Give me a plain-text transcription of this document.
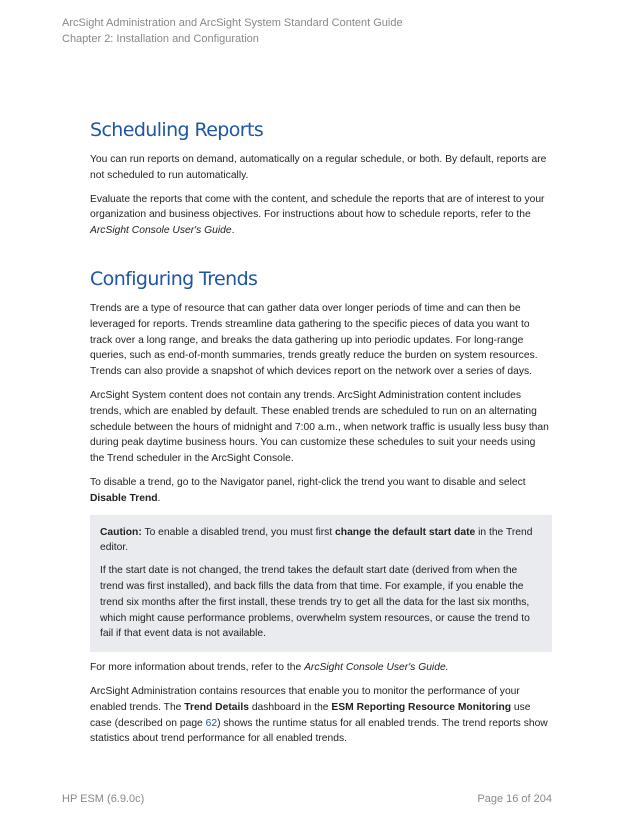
ArcSight Administration and ArcSight System Standard Content Guide
Chapter 2: Installation and Configuration
Scheduling Reports

You can run reports on demand, automatically on a regular schedule, or both. By default, reports are not scheduled to run automatically.

Evaluate the reports that come with the content, and schedule the reports that are of interest to your organization and business objectives. For instructions about how to schedule reports, refer to the ArcSight Console User's Guide.

Configuring Trends

Trends are a type of resource that can gather data over longer periods of time and can then be leveraged for reports. Trends streamline data gathering to the specific pieces of data you want to track over a long range, and breaks the data gathering up into periodic updates. For long-range queries, such as end-of-month summaries, trends greatly reduce the burden on system resources. Trends can also provide a snapshot of which devices report on the network over a series of days.

ArcSight System content does not contain any trends. ArcSight Administration content includes trends, which are enabled by default. These enabled trends are scheduled to run on an alternating schedule between the hours of midnight and 7:00 a.m., when network traffic is usually less busy than during peak daytime business hours. You can customize these schedules to suit your needs using the Trend scheduler in the ArcSight Console.

To disable a trend, go to the Navigator panel, right-click the trend you want to disable and select Disable Trend.

Caution: To enable a disabled trend, you must first change the default start date in the Trend editor.

If the start date is not changed, the trend takes the default start date (derived from when the trend was first installed), and back fills the data from that time. For example, if you enable the trend six months after the first install, these trends try to get all the data for the last six months, which might cause performance problems, overwhelm system resources, or cause the trend to fail if that event data is not available.

For more information about trends, refer to the ArcSight Console User's Guide.

ArcSight Administration contains resources that enable you to monitor the performance of your enabled trends. The Trend Details dashboard in the ESM Reporting Resource Monitoring use case (described on page 62) shows the runtime status for all enabled trends. The trend reports show statistics about trend performance for all enabled trends.

HP ESM (6.9.0c)	Page 16 of 204
